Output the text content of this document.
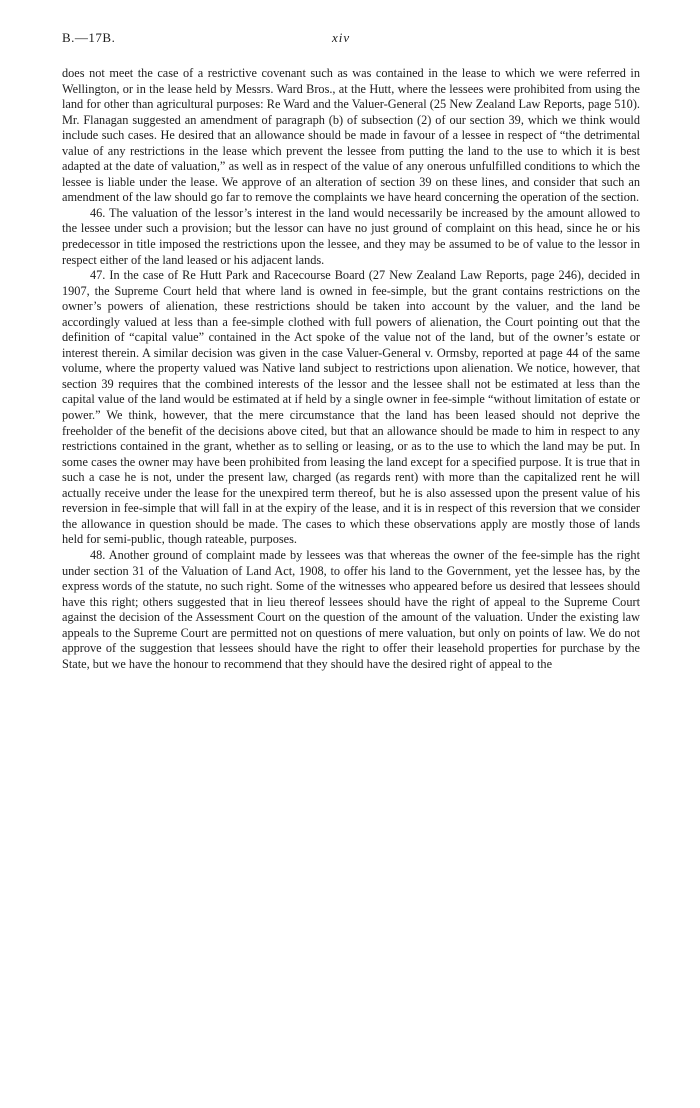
B.—17B.	xiv

does not meet the case of a restrictive covenant such as was contained in the lease to which we were referred in Wellington, or in the lease held by Messrs. Ward Bros., at the Hutt, where the lessees were prohibited from using the land for other than agricultural purposes: Re Ward and the Valuer-General (25 New Zealand Law Reports, page 510). Mr. Flanagan suggested an amendment of paragraph (b) of subsection (2) of our section 39, which we think would include such cases. He desired that an allowance should be made in favour of a lessee in respect of “the detrimental value of any restrictions in the lease which prevent the lessee from putting the land to the use to which it is best adapted at the date of valuation,” as well as in respect of the value of any onerous unfulfilled conditions to which the lessee is liable under the lease. We approve of an alteration of section 39 on these lines, and consider that such an amendment of the law should go far to remove the complaints we have heard concerning the operation of the section.

46. The valuation of the lessor’s interest in the land would necessarily be increased by the amount allowed to the lessee under such a provision; but the lessor can have no just ground of complaint on this head, since he or his predecessor in title imposed the restrictions upon the lessee, and they may be assumed to be of value to the lessor in respect either of the land leased or his adjacent lands.

47. In the case of Re Hutt Park and Racecourse Board (27 New Zealand Law Reports, page 246), decided in 1907, the Supreme Court held that where land is owned in fee-simple, but the grant contains restrictions on the owner’s powers of alienation, these restrictions should be taken into account by the valuer, and the land be accordingly valued at less than a fee-simple clothed with full powers of alienation, the Court pointing out that the definition of “capital value” contained in the Act spoke of the value not of the land, but of the owner’s estate or interest therein. A similar decision was given in the case Valuer-General v. Ormsby, reported at page 44 of the same volume, where the property valued was Native land subject to restrictions upon alienation. We notice, however, that section 39 requires that the combined interests of the lessor and the lessee shall not be estimated at less than the capital value of the land would be estimated at if held by a single owner in fee-simple “without limitation of estate or power.” We think, however, that the mere circumstance that the land has been leased should not deprive the freeholder of the benefit of the decisions above cited, but that an allowance should be made to him in respect to any restrictions contained in the grant, whether as to selling or leasing, or as to the use to which the land may be put. In some cases the owner may have been prohibited from leasing the land except for a specified purpose. It is true that in such a case he is not, under the present law, charged (as regards rent) with more than the capitalized rent he will actually receive under the lease for the unexpired term thereof, but he is also assessed upon the present value of his reversion in fee-simple that will fall in at the expiry of the lease, and it is in respect of this reversion that we consider the allowance in question should be made. The cases to which these observations apply are mostly those of lands held for semi-public, though rateable, purposes.

48. Another ground of complaint made by lessees was that whereas the owner of the fee-simple has the right under section 31 of the Valuation of Land Act, 1908, to offer his land to the Government, yet the lessee has, by the express words of the statute, no such right. Some of the witnesses who appeared before us desired that lessees should have this right; others suggested that in lieu thereof lessees should have the right of appeal to the Supreme Court against the decision of the Assessment Court on the question of the amount of the valuation. Under the existing law appeals to the Supreme Court are permitted not on questions of mere valuation, but only on points of law. We do not approve of the suggestion that lessees should have the right to offer their leasehold properties for purchase by the State, but we have the honour to recommend that they should have the desired right of appeal to the
